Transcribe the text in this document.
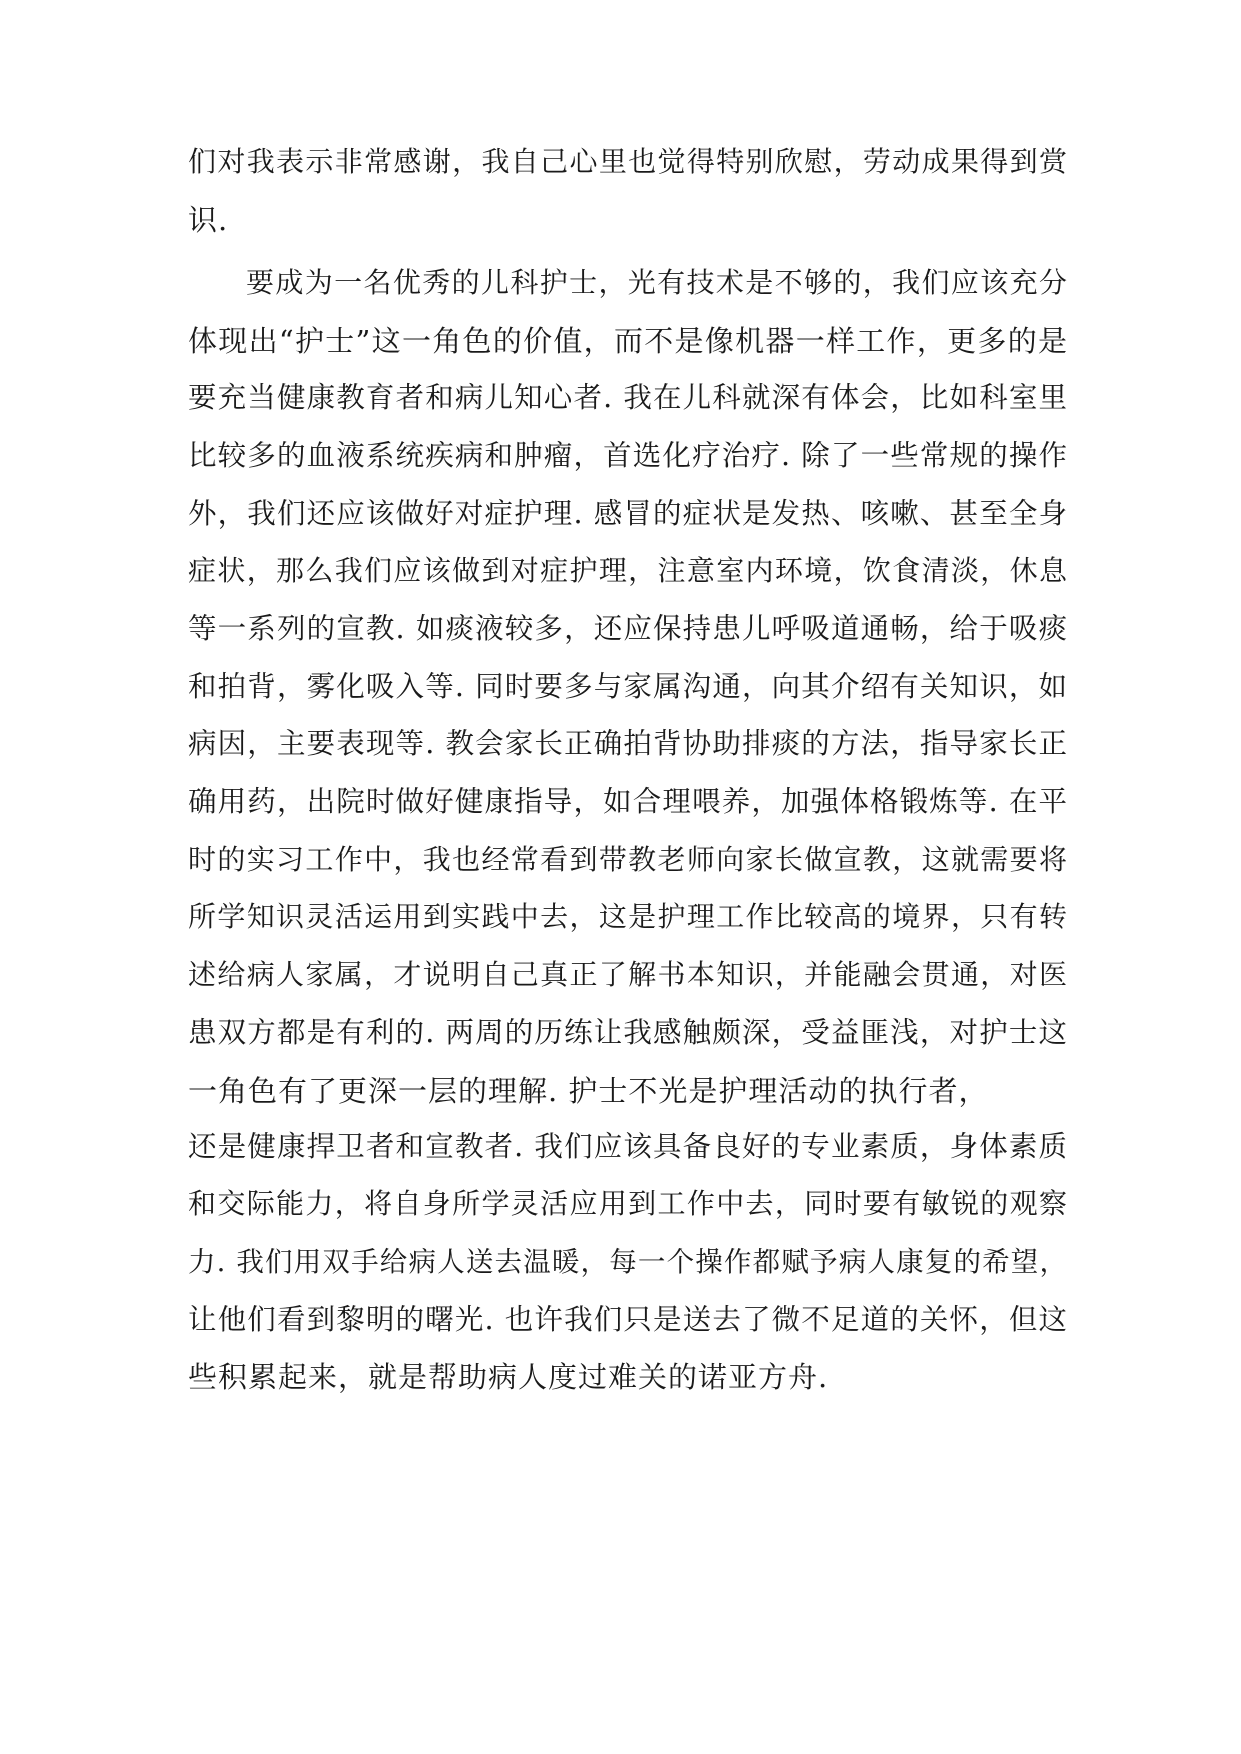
们对我表示非常感谢，我自己心里也觉得特别欣慰，劳动成果得到赏
识.
要成为一名优秀的儿科护士，光有技术是不够的，我们应该充分
体现出“护士”这一角色的价值，而不是像机器一样工作，更多的是
要充当健康教育者和病儿知心者. 我在儿科就深有体会，比如科室里
比较多的血液系统疾病和肿瘤，首选化疗治疗. 除了一些常规的操作
外，我们还应该做好对症护理. 感冒的症状是发热、咳嗽、甚至全身
症状，那么我们应该做到对症护理，注意室内环境，饮食清淡，休息
等一系列的宣教. 如痰液较多，还应保持患儿呼吸道通畅，给于吸痰
和拍背，雾化吸入等. 同时要多与家属沟通，向其介绍有关知识，如
病因，主要表现等. 教会家长正确拍背协助排痰的方法，指导家长正
确用药，出院时做好健康指导，如合理喂养，加强体格锻炼等. 在平
时的实习工作中，我也经常看到带教老师向家长做宣教，这就需要将
所学知识灵活运用到实践中去，这是护理工作比较高的境界，只有转
述给病人家属，才说明自己真正了解书本知识，并能融会贯通，对医
患双方都是有利的. 两周的历练让我感触颇深，受益匪浅，对护士这
一角色有了更深一层的理解. 护士不光是护理活动的执行者，
还是健康捍卫者和宣教者. 我们应该具备良好的专业素质，身体素质
和交际能力，将自身所学灵活应用到工作中去，同时要有敏锐的观察
力. 我们用双手给病人送去温暖，每一个操作都赋予病人康复的希望，
让他们看到黎明的曙光. 也许我们只是送去了微不足道的关怀，但这
些积累起来，就是帮助病人度过难关的诺亚方舟.
